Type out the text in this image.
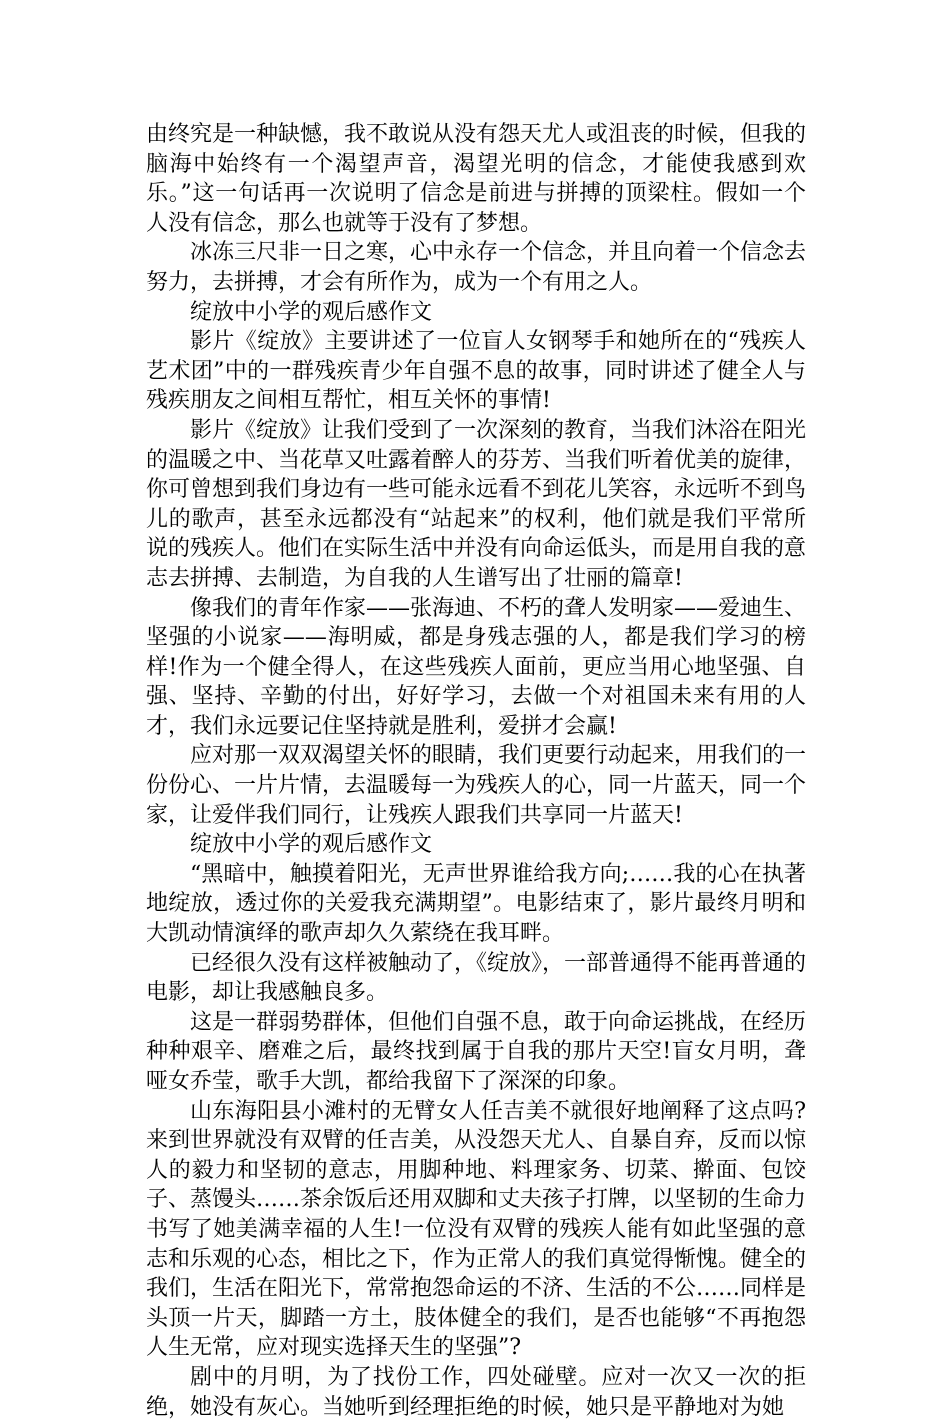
由终究是一种缺憾，我不敢说从没有怨天尤人或沮丧的时候，但我的脑海中始终有一个渴望声音，渴望光明的信念，才能使我感到欢乐。”这一句话再一次说明了信念是前进与拼搏的顶梁柱。假如一个人没有信念，那么也就等于没有了梦想。

冰冻三尺非一日之寒，心中永存一个信念，并且向着一个信念去努力，去拼搏，才会有所作为，成为一个有用之人。

绽放中小学的观后感作文

影片《绽放》主要讲述了一位盲人女钢琴手和她所在的“残疾人艺术团”中的一群残疾青少年自强不息的故事，同时讲述了健全人与残疾朋友之间相互帮忙，相互关怀的事情!

影片《绽放》让我们受到了一次深刻的教育，当我们沐浴在阳光的温暖之中、当花草又吐露着醉人的芬芳、当我们听着优美的旋律，你可曾想到我们身边有一些可能永远看不到花儿笑容，永远听不到鸟儿的歌声，甚至永远都没有“站起来”的权利，他们就是我们平常所说的残疾人。他们在实际生活中并没有向命运低头，而是用自我的意志去拼搏、去制造，为自我的人生谱写出了壮丽的篇章!

像我们的青年作家——张海迪、不朽的聋人发明家——爱迪生、坚强的小说家——海明威，都是身残志强的人，都是我们学习的榜样!作为一个健全得人，在这些残疾人面前，更应当用心地坚强、自强、坚持、辛勤的付出，好好学习，去做一个对祖国未来有用的人才，我们永远要记住坚持就是胜利，爱拼才会赢!

应对那一双双渴望关怀的眼睛，我们更要行动起来，用我们的一份份心、一片片情，去温暖每一为残疾人的心，同一片蓝天，同一个家，让爱伴我们同行，让残疾人跟我们共享同一片蓝天!

绽放中小学的观后感作文

“黑暗中，触摸着阳光，无声世界谁给我方向;……我的心在执著地绽放，透过你的关爱我充满期望”。电影结束了，影片最终月明和大凯动情演绎的歌声却久久萦绕在我耳畔。

已经很久没有这样被触动了，《绽放》，一部普通得不能再普通的电影，却让我感触良多。

这是一群弱势群体，但他们自强不息，敢于向命运挑战，在经历种种艰辛、磨难之后，最终找到属于自我的那片天空!盲女月明，聋哑女乔莹，歌手大凯，都给我留下了深深的印象。

山东海阳县小滩村的无臂女人任吉美不就很好地阐释了这点吗?来到世界就没有双臂的任吉美，从没怨天尤人、自暴自弃，反而以惊人的毅力和坚韧的意志，用脚种地、料理家务、切菜、擀面、包饺子、蒸馒头……茶余饭后还用双脚和丈夫孩子打牌，以坚韧的生命力书写了她美满幸福的人生!一位没有双臂的残疾人能有如此坚强的意志和乐观的心态，相比之下，作为正常人的我们真觉得惭愧。健全的我们，生活在阳光下，常常抱怨命运的不济、生活的不公……同样是头顶一片天，脚踏一方土，肢体健全的我们，是否也能够“不再抱怨人生无常，应对现实选择天生的坚强”?

剧中的月明，为了找份工作，四处碰壁。应对一次又一次的拒绝，她没有灰心。当她听到经理拒绝的时候，她只是平静地对为她
